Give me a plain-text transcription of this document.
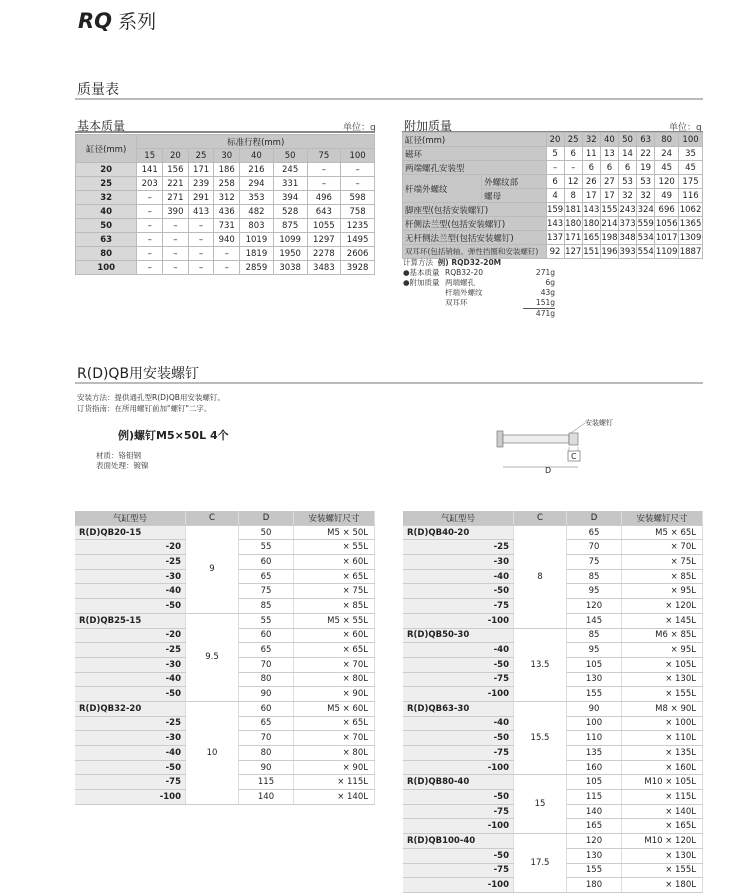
RQ 系列
质量表
基本质量	单位：g
缸径(mm)	标准行程(mm)							
	15	20	25	30	40	50	75	100
20	141	156	171	186	216	245	–	–
25	203	221	239	258	294	331	–	–
32	–	271	291	312	353	394	496	598
40	–	390	413	436	482	528	643	758
50	–	–	–	731	803	875	1055	1235
63	–	–	–	940	1019	1099	1297	1495
80	–	–	–	–	1819	1950	2278	2606
100	–	–	–	–	2859	3038	3483	3928
附加质量	单位：g
缸径(mm)		20	25	32	40	50	63	80	100
磁环		5	6	11	13	14	22	24	35
两端螺孔安装型		–	–	6	6	6	19	45	45
杆端外螺纹	外螺纹部	6	12	26	27	53	53	120	175
	螺母	4	8	17	17	32	32	49	116
脚座型(包括安装螺钉)		159	181	143	155	243	324	696	1062
杆侧法兰型(包括安装螺钉)		143	180	180	214	373	559	1056	1365
无杆侧法兰型(包括安装螺钉)		137	171	165	198	348	534	1017	1309
双耳环(包括销轴、弹性挡圈和安装螺钉)		92	127	151	196	393	554	1109	1887
计算方法 例) RQD32-20M
●基本质量 RQB32-20	271g
●附加质量 两端螺孔	6g
杆端外螺纹	43g
双耳环	151g
471g
R(D)QB用安装螺钉
安装方法：提供通孔型R(D)QB用安装螺钉。
订货指南：在所用螺钉前加"螺钉"二字。
例)螺钉M5×50L 4个
材质：铬钼钢
表面处理：镀镍
安装螺钉
C
D
气缸型号	C	D	安装螺钉尺寸
R(D)QB20-15	9	50	M5 × 50L
-20		55	× 55L
-25		60	× 60L
-30		65	× 65L
-40		75	× 75L
-50		85	× 85L
R(D)QB25-15	9.5	55	M5 × 55L
-20		60	× 60L
-25		65	× 65L
-30		70	× 70L
-40		80	× 80L
-50		90	× 90L
R(D)QB32-20	10	60	M5 × 60L
-25		65	× 65L
-30		70	× 70L
-40		80	× 80L
-50		90	× 90L
-75		115	× 115L
-100		140	× 140L
气缸型号	C	D	安装螺钉尺寸
R(D)QB40-20	8	65	M5 × 65L
-25		70	× 70L
-30		75	× 75L
-40		85	× 85L
-50		95	× 95L
-75		120	× 120L
-100		145	× 145L
R(D)QB50-30	13.5	85	M6 × 85L
-40		95	× 95L
-50		105	× 105L
-75		130	× 130L
-100		155	× 155L
R(D)QB63-30	15.5	90	M8 × 90L
-40		100	× 100L
-50		110	× 110L
-75		135	× 135L
-100		160	× 160L
R(D)QB80-40	15	105	M10 × 105L
-50		115	× 115L
-75		140	× 140L
-100		165	× 165L
R(D)QB100-40	17.5	120	M10 × 120L
-50		130	× 130L
-75		155	× 155L
-100		180	× 180L
